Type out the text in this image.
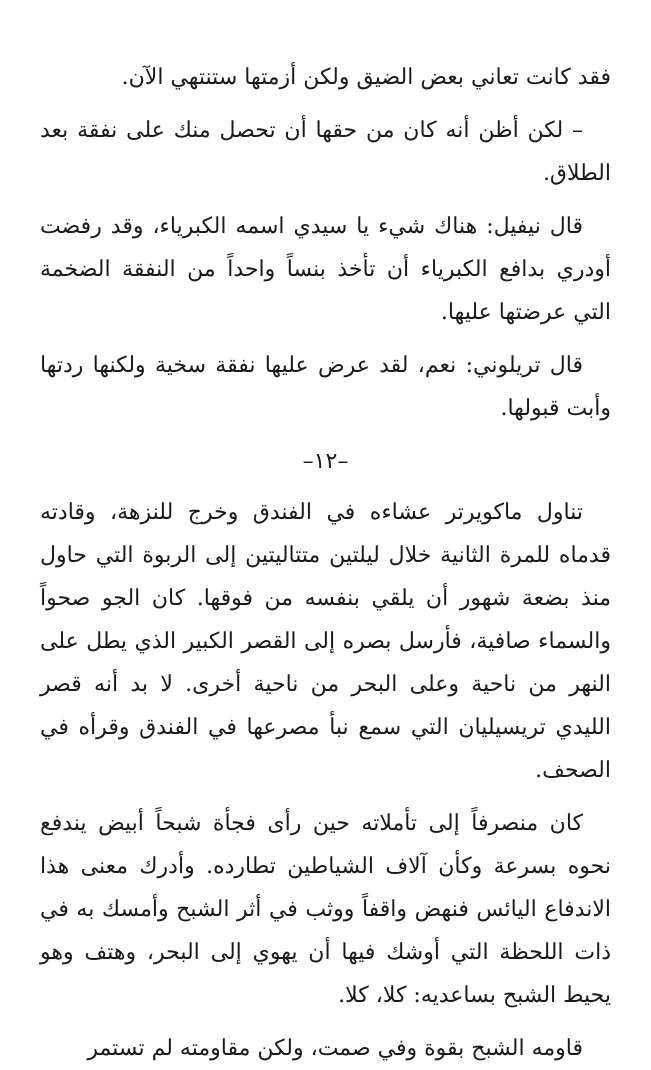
فقد كانت تعاني بعض الضيق ولكن أزمتها ستنتهي الآن.

– لكن أظن أنه كان من حقها أن تحصل منك على نفقة بعد الطلاق.

قال نيفيل: هناك شيء يا سيدي اسمه الكبرياء، وقد رفضت أودري بدافع الكبرياء أن تأخذ بنساً واحداً من النفقة الضخمة التي عرضتها عليها.

قال تريلوني: نعم، لقد عرض عليها نفقة سخية ولكنها ردتها وأبت قبولها.

–١٢–

تناول ماكويرتر عشاءه في الفندق وخرج للنزهة، وقادته قدماه للمرة الثانية خلال ليلتين متتاليتين إلى الربوة التي حاول منذ بضعة شهور أن يلقي بنفسه من فوقها. كان الجو صحواً والسماء صافية، فأرسل بصره إلى القصر الكبير الذي يطل على النهر من ناحية وعلى البحر من ناحية أخرى. لا بد أنه قصر الليدي تريسيليان التي سمع نبأ مصرعها في الفندق وقرأه في الصحف.

كان منصرفاً إلى تأملاته حين رأى فجأة شبحاً أبيض يندفع نحوه بسرعة وكأن آلاف الشياطين تطارده. وأدرك معنى هذا الاندفاع اليائس فنهض واقفاً ووثب في أثر الشبح وأمسك به في ذات اللحظة التي أوشك فيها أن يهوي إلى البحر، وهتف وهو يحيط الشبح بساعديه: كلا، كلا.

قاومه الشبح بقوة وفي صمت، ولكن مقاومته لم تستمر
